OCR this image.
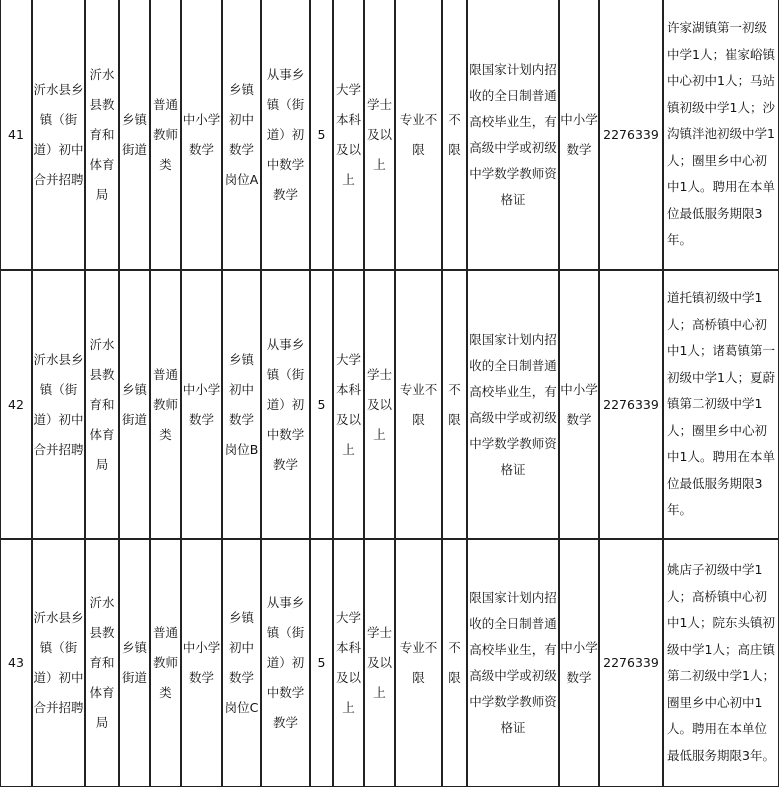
41	沂水县乡镇（街道）初中合并招聘	沂水县教育和体育局	乡镇街道	普通教师类	中小学数学	乡镇初中数学岗位A	从事乡镇（街道）初中数学教学	5	大学本科及以上	学士及以上	专业不限	不限	限国家计划内招收的全日制普通高校毕业生，有高级中学或初级中学数学教师资格证	中小学数学	2276339	许家湖镇第一初级中学1人；崔家峪镇中心初中1人；马站镇初级中学1人；沙沟镇泮池初级中学1人；圈里乡中心初中1人。聘用在本单位最低服务期限3年。
42	沂水县乡镇（街道）初中合并招聘	沂水县教育和体育局	乡镇街道	普通教师类	中小学数学	乡镇初中数学岗位B	从事乡镇（街道）初中数学教学	5	大学本科及以上	学士及以上	专业不限	不限	限国家计划内招收的全日制普通高校毕业生，有高级中学或初级中学数学教师资格证	中小学数学	2276339	道托镇初级中学1人；高桥镇中心初中1人；诸葛镇第一初级中学1人；夏蔚镇第二初级中学1人；圈里乡中心初中1人。聘用在本单位最低服务期限3年。
43	沂水县乡镇（街道）初中合并招聘	沂水县教育和体育局	乡镇街道	普通教师类	中小学数学	乡镇初中数学岗位C	从事乡镇（街道）初中数学教学	5	大学本科及以上	学士及以上	专业不限	不限	限国家计划内招收的全日制普通高校毕业生，有高级中学或初级中学数学教师资格证	中小学数学	2276339	姚店子初级中学1人；高桥镇中心初中1人；院东头镇初级中学1人；高庄镇第二初级中学1人；圈里乡中心初中1人。聘用在本单位最低服务期限3年。
